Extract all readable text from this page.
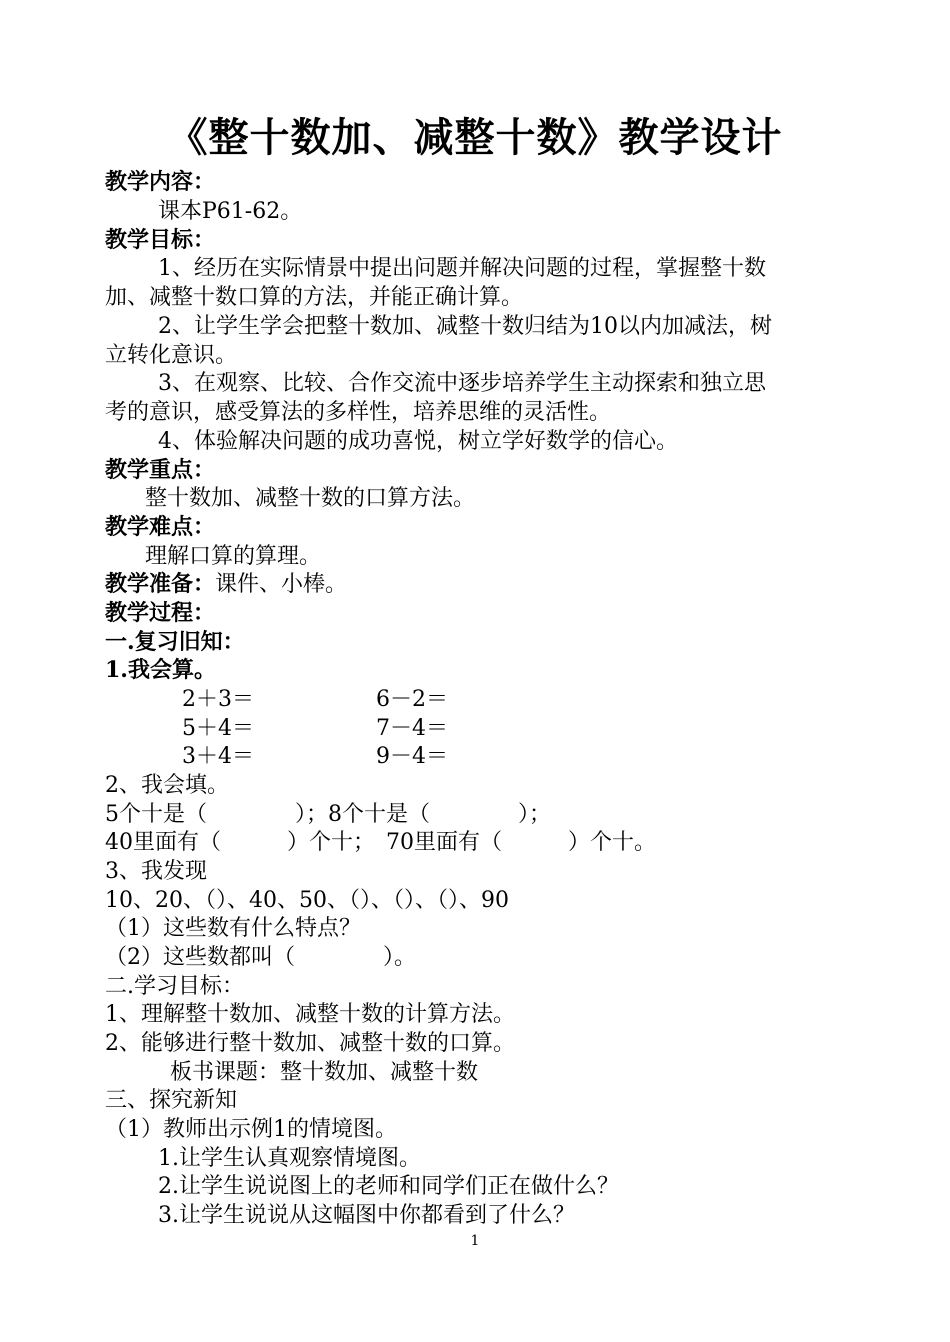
《整十数加、减整十数》教学设计
教学内容：
课本P61-62。
教学目标：
1、经历在实际情景中提出问题并解决问题的过程，掌握整十数
加、减整十数口算的方法，并能正确计算。
2、让学生学会把整十数加、减整十数归结为10以内加减法，树
立转化意识。
3、在观察、比较、合作交流中逐步培养学生主动探索和独立思
考的意识，感受算法的多样性，培养思维的灵活性。
4、体验解决问题的成功喜悦，树立学好数学的信心。
教学重点：
整十数加、减整十数的口算方法。
教学难点：
理解口算的算理。
教学准备：课件、小棒。
教学过程：
一.复习旧知：
1.我会算。
2＋3＝	6－2＝
5＋4＝	7－4＝
3＋4＝	9－4＝
2、我会填。
5个十是（　　　　）；8个十是（　　　　）；
40里面有（　　　）个十；　70里面有（　　　）个十。
3、我发现
10、20、（）、40、50、（）、（）、（）、90
（1）这些数有什么特点？
（2）这些数都叫（　　　　）。
二.学习目标：
1、理解整十数加、减整十数的计算方法。
2、能够进行整十数加、减整十数的口算。
板书课题：整十数加、减整十数
三、探究新知
（1）教师出示例1的情境图。
1.让学生认真观察情境图。
2.让学生说说图上的老师和同学们正在做什么？
3.让学生说说从这幅图中你都看到了什么？
1
